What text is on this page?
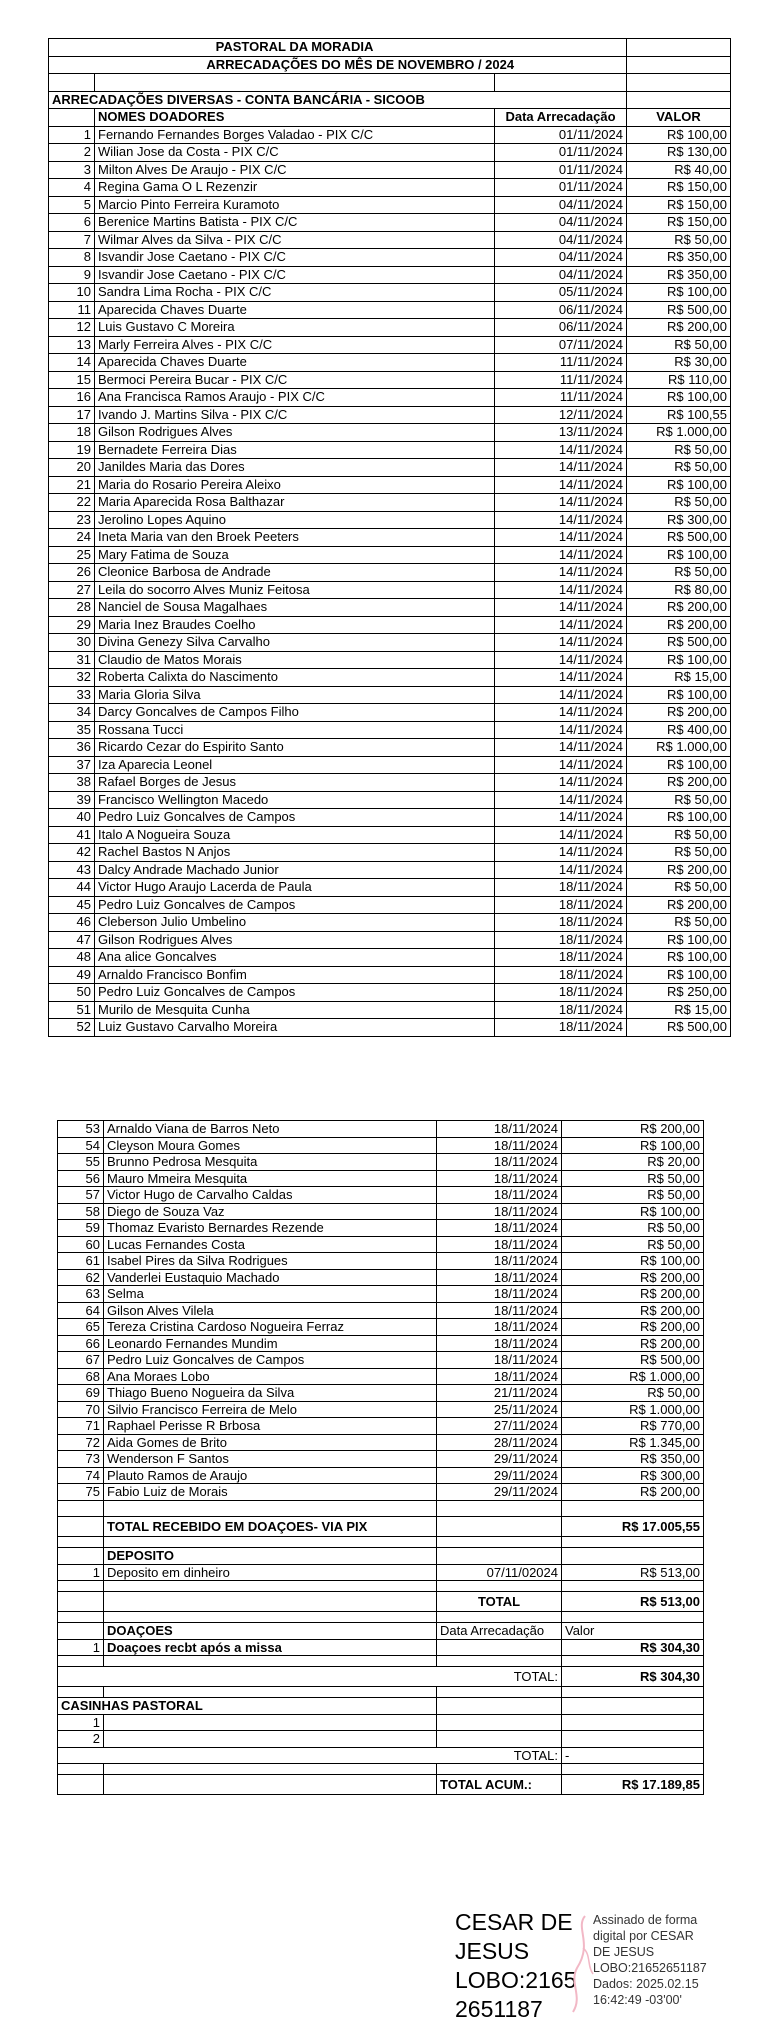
	PASTORAL DA MORADIA		
	ARRECADAÇÕES DO MÊS DE NOVEMBRO / 2024		

ARRECADAÇÕES DIVERSAS - CONTA BANCÁRIA - SICOOB			
	NOMES DOADORES	Data Arrecadação	VALOR
1	Fernando Fernandes Borges Valadao - PIX C/C	01/11/2024	R$ 100,00
2	Wilian Jose da Costa - PIX C/C	01/11/2024	R$ 130,00
3	Milton Alves De Araujo - PIX C/C	01/11/2024	R$ 40,00
4	Regina Gama O L Rezenzir	01/11/2024	R$ 150,00
5	Marcio Pinto Ferreira Kuramoto	04/11/2024	R$ 150,00
6	Berenice Martins Batista - PIX C/C	04/11/2024	R$ 150,00
7	Wilmar Alves da Silva - PIX C/C	04/11/2024	R$ 50,00
8	Isvandir Jose Caetano - PIX C/C	04/11/2024	R$ 350,00
9	Isvandir Jose Caetano - PIX C/C	04/11/2024	R$ 350,00
10	Sandra Lima Rocha - PIX C/C	05/11/2024	R$ 100,00
11	Aparecida Chaves Duarte	06/11/2024	R$ 500,00
12	Luis Gustavo C Moreira	06/11/2024	R$ 200,00
13	Marly Ferreira Alves - PIX C/C	07/11/2024	R$ 50,00
14	Aparecida Chaves Duarte	11/11/2024	R$ 30,00
15	Bermoci Pereira Bucar - PIX C/C	11/11/2024	R$ 110,00
16	Ana Francisca Ramos Araujo - PIX C/C	11/11/2024	R$ 100,00
17	Ivando J. Martins Silva - PIX C/C	12/11/2024	R$ 100,55
18	Gilson Rodrigues Alves	13/11/2024	R$ 1.000,00
19	Bernadete Ferreira Dias	14/11/2024	R$ 50,00
20	Janildes Maria das Dores	14/11/2024	R$ 50,00
21	Maria do Rosario Pereira Aleixo	14/11/2024	R$ 100,00
22	Maria Aparecida Rosa Balthazar	14/11/2024	R$ 50,00
23	Jerolino Lopes Aquino	14/11/2024	R$ 300,00
24	Ineta Maria van den Broek Peeters	14/11/2024	R$ 500,00
25	Mary Fatima de Souza	14/11/2024	R$ 100,00
26	Cleonice Barbosa de Andrade	14/11/2024	R$ 50,00
27	Leila do socorro Alves Muniz Feitosa	14/11/2024	R$ 80,00
28	Nanciel de Sousa Magalhaes	14/11/2024	R$ 200,00
29	Maria Inez Braudes Coelho	14/11/2024	R$ 200,00
30	Divina Genezy Silva Carvalho	14/11/2024	R$ 500,00
31	Claudio de Matos Morais	14/11/2024	R$ 100,00
32	Roberta Calixta do Nascimento	14/11/2024	R$ 15,00
33	Maria Gloria Silva	14/11/2024	R$ 100,00
34	Darcy Goncalves de Campos Filho	14/11/2024	R$ 200,00
35	Rossana Tucci	14/11/2024	R$ 400,00
36	Ricardo Cezar do Espirito Santo	14/11/2024	R$ 1.000,00
37	Iza Aparecia Leonel	14/11/2024	R$ 100,00
38	Rafael Borges de Jesus	14/11/2024	R$ 200,00
39	Francisco Wellington Macedo	14/11/2024	R$ 50,00
40	Pedro Luiz Goncalves de Campos	14/11/2024	R$ 100,00
41	Italo A Nogueira Souza	14/11/2024	R$ 50,00
42	Rachel Bastos N Anjos	14/11/2024	R$ 50,00
43	Dalcy Andrade Machado Junior	14/11/2024	R$ 200,00
44	Victor Hugo Araujo Lacerda de Paula	18/11/2024	R$ 50,00
45	Pedro Luiz Goncalves de Campos	18/11/2024	R$ 200,00
46	Cleberson Julio Umbelino	18/11/2024	R$ 50,00
47	Gilson Rodrigues Alves	18/11/2024	R$ 100,00
48	Ana alice Goncalves	18/11/2024	R$ 100,00
49	Arnaldo Francisco Bonfim	18/11/2024	R$ 100,00
50	Pedro Luiz Goncalves de Campos	18/11/2024	R$ 250,00
51	Murilo de Mesquita Cunha	18/11/2024	R$ 15,00
52	Luiz Gustavo Carvalho Moreira	18/11/2024	R$ 500,00
53	Arnaldo Viana de Barros Neto	18/11/2024	R$ 200,00
54	Cleyson Moura Gomes	18/11/2024	R$ 100,00
55	Brunno Pedrosa Mesquita	18/11/2024	R$ 20,00
56	Mauro Mmeira Mesquita	18/11/2024	R$ 50,00
57	Victor Hugo de Carvalho Caldas	18/11/2024	R$ 50,00
58	Diego de Souza Vaz	18/11/2024	R$ 100,00
59	Thomaz Evaristo Bernardes Rezende	18/11/2024	R$ 50,00
60	Lucas Fernandes Costa	18/11/2024	R$ 50,00
61	Isabel Pires da Silva Rodrigues	18/11/2024	R$ 100,00
62	Vanderlei Eustaquio Machado	18/11/2024	R$ 200,00
63	Selma	18/11/2024	R$ 200,00
64	Gilson Alves Vilela	18/11/2024	R$ 200,00
65	Tereza Cristina Cardoso Nogueira Ferraz	18/11/2024	R$ 200,00
66	Leonardo Fernandes Mundim	18/11/2024	R$ 200,00
67	Pedro Luiz Goncalves de Campos	18/11/2024	R$ 500,00
68	Ana Moraes Lobo	18/11/2024	R$ 1.000,00
69	Thiago Bueno Nogueira da Silva	21/11/2024	R$ 50,00
70	Silvio Francisco Ferreira de Melo	25/11/2024	R$ 1.000,00
71	Raphael Perisse R Brbosa	27/11/2024	R$ 770,00
72	Aida Gomes de Brito	28/11/2024	R$ 1.345,00
73	Wenderson F Santos	29/11/2024	R$ 350,00
74	Plauto Ramos de Araujo	29/11/2024	R$ 300,00
75	Fabio Luiz de Morais	29/11/2024	R$ 200,00

	TOTAL RECEBIDO EM DOAÇOES- VIA PIX		R$ 17.005,55

	DEPOSITO		
1	Deposito em dinheiro	07/11/02024	R$ 513,00

		TOTAL	R$ 513,00

	DOAÇOES	Data Arrecadação	Valor
1	Doaçoes recbt após a missa		R$ 304,30

	TOTAL:		R$ 304,30

CASINHAS PASTORAL			
1			
2			
	TOTAL:		-

		TOTAL ACUM.:	R$ 17.189,85
CESAR DE
JESUS
LOBO:2165
2651187
Assinado de forma
digital por CESAR
DE JESUS
LOBO:21652651187
Dados: 2025.02.15
16:42:49 -03'00'
